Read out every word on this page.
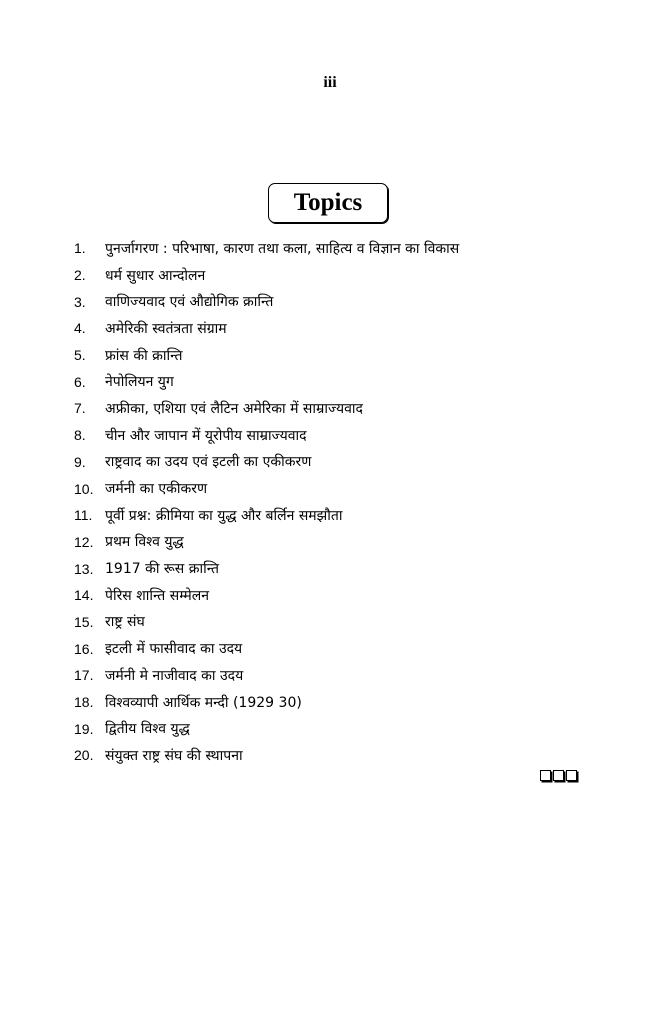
iii
Topics
1.	पुनर्जागरण : परिभाषा, कारण तथा कला, साहित्य व विज्ञान का विकास
2.	धर्म सुधार आन्दोलन
3.	वाणिज्यवाद एवं औद्योगिक क्रान्ति
4.	अमेरिकी स्वतंत्रता संग्राम
5.	फ्रांस की क्रान्ति
6.	नेपोलियन युग
7.	अफ्रीका, एशिया एवं लैटिन अमेरिका में साम्राज्यवाद
8.	चीन और जापान में यूरोपीय साम्राज्यवाद
9.	राष्ट्रवाद का उदय एवं इटली का एकीकरण
10. जर्मनी का एकीकरण
11. पूर्वी प्रश्न: क्रीमिया का युद्ध और बर्लिन समझौता
12. प्रथम विश्व युद्ध
13. 1917 की रूस क्रान्ति
14. पेरिस शान्ति सम्मेलन
15. राष्ट्र संघ
16. इटली में फासीवाद का उदय
17. जर्मनी मे नाजीवाद का उदय
18. विश्वव्यापी आर्थिक मन्दी (1929 30)
19. द्वितीय विश्व युद्ध
20. संयुक्त राष्ट्र संघ की स्थापना
